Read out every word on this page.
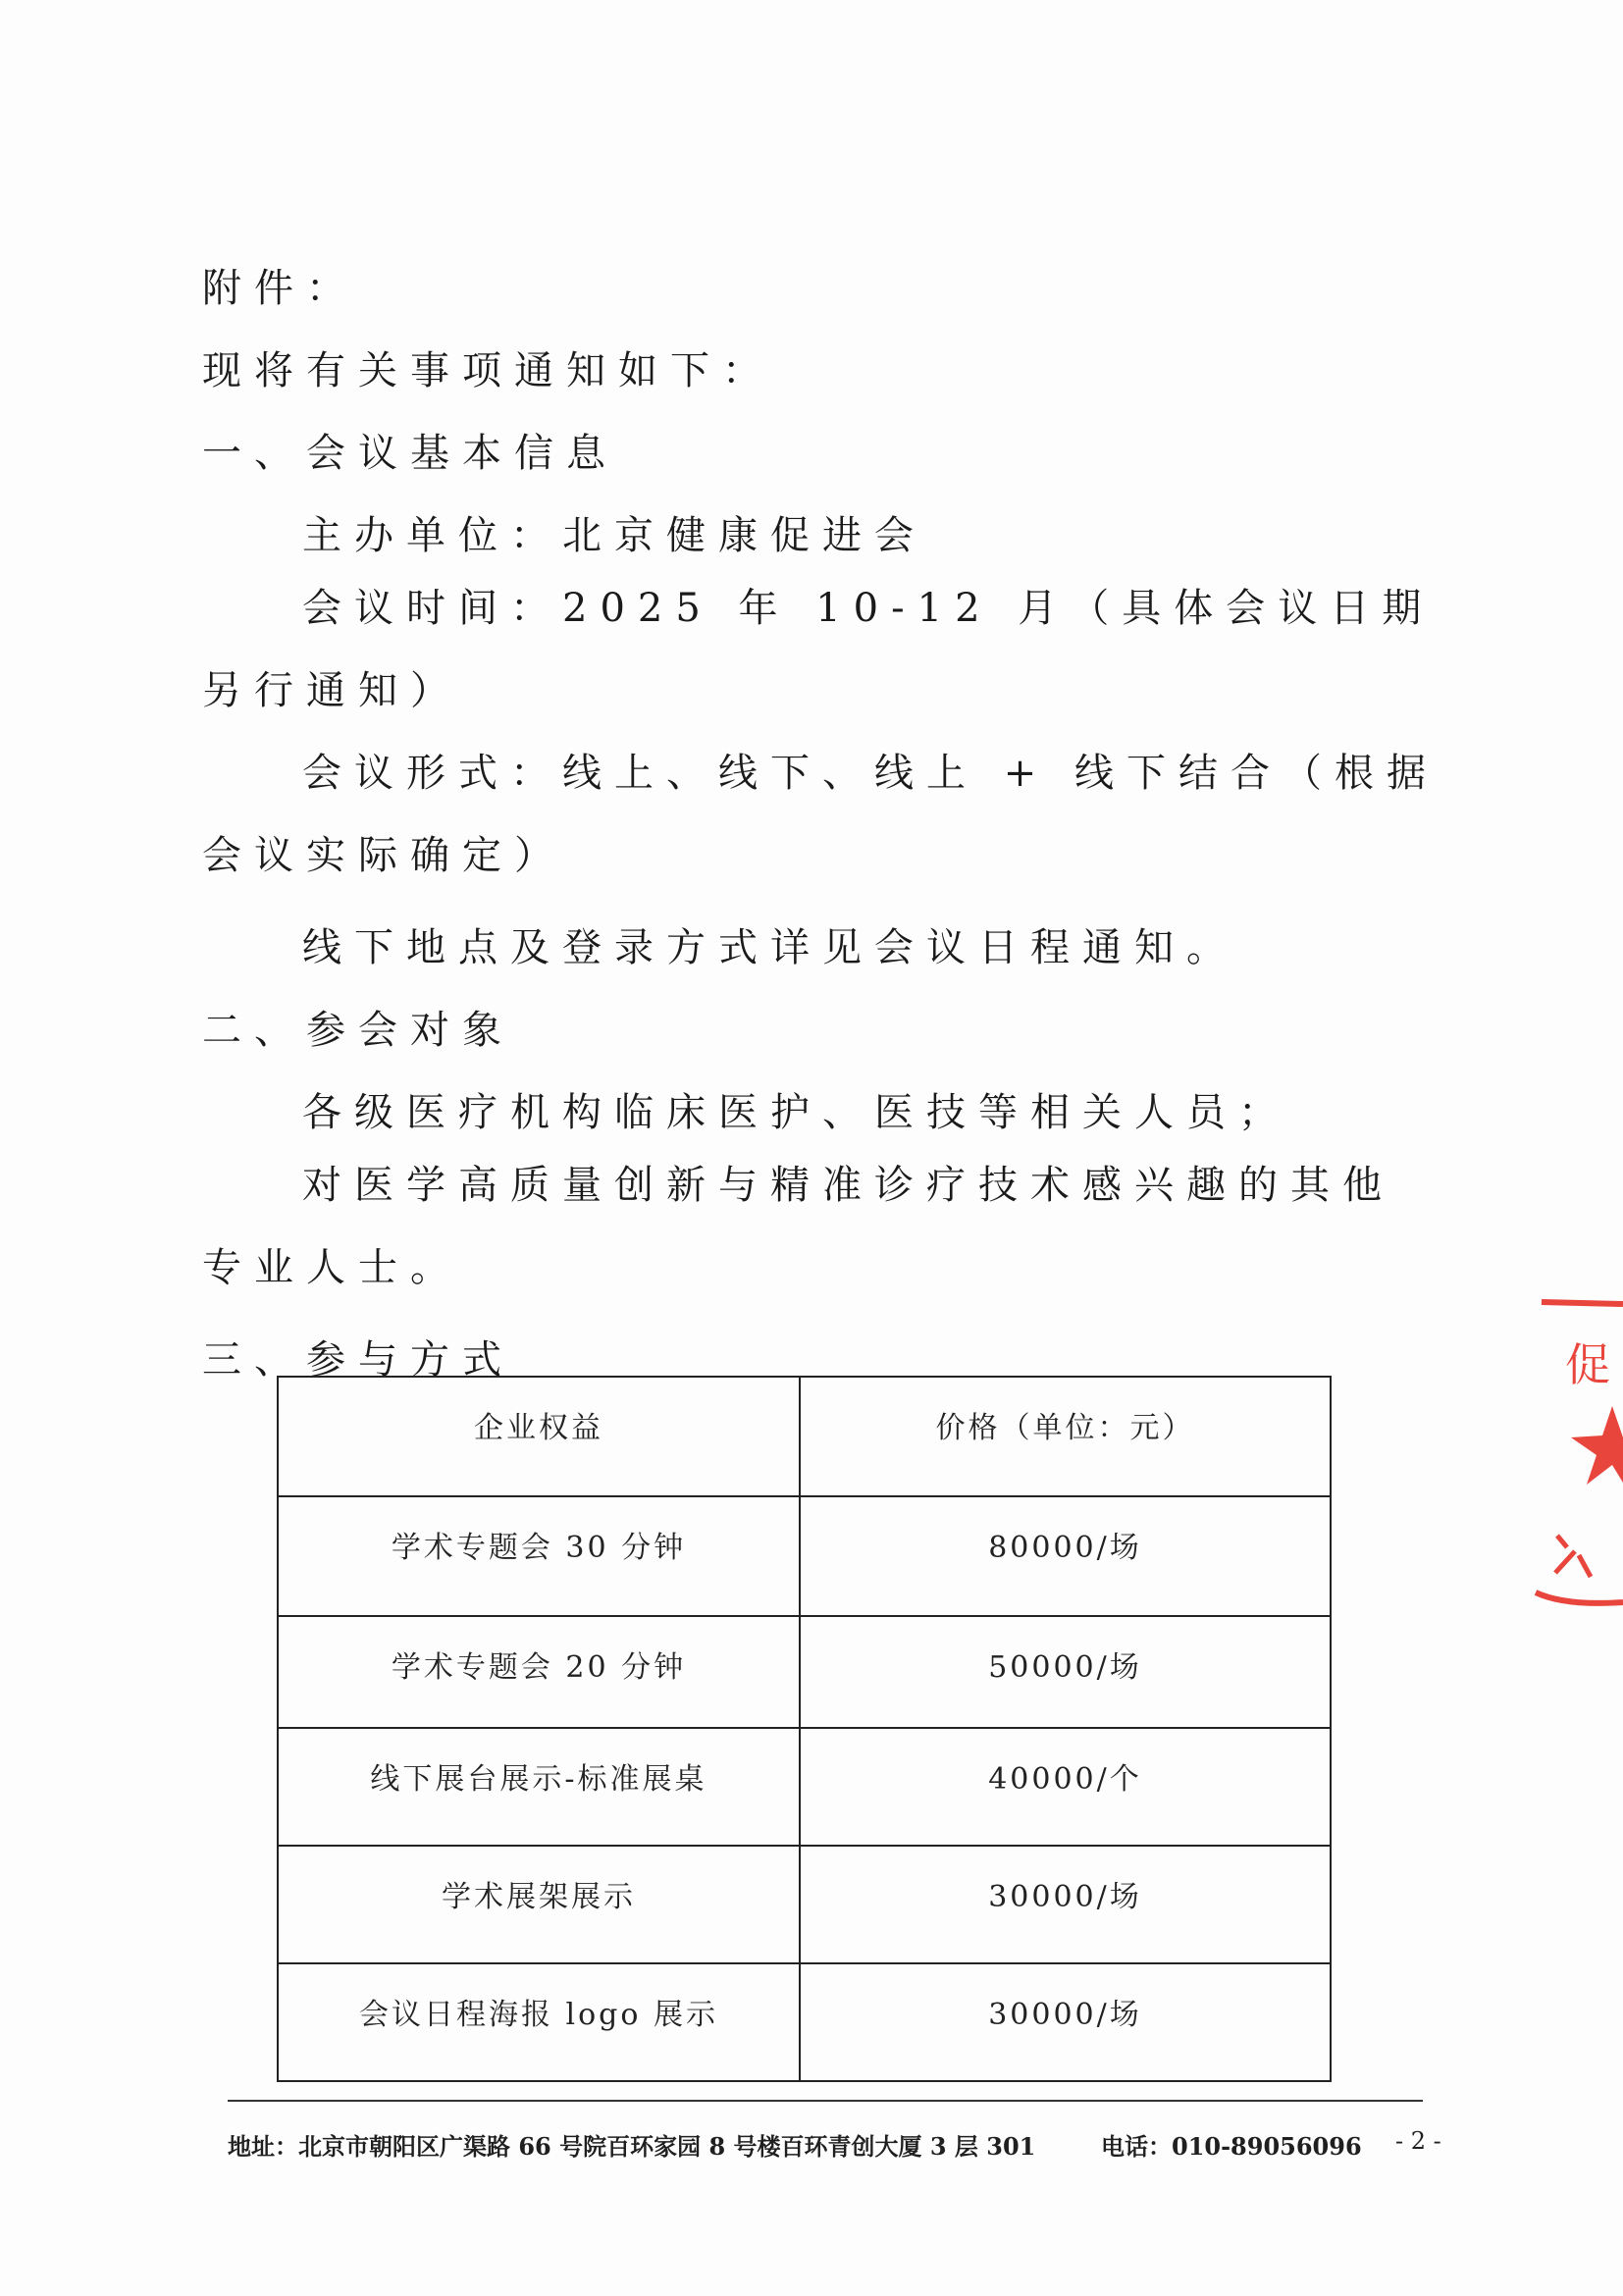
附件：
现将有关事项通知如下：
一、会议基本信息
主办单位：北京健康促进会
会议时间：2025 年 10-12 月（具体会议日期另行通知）
会议形式：线上、线下、线上 + 线下结合（根据会议实际确定）
线下地点及登录方式详见会议日程通知。
二、参会对象
各级医疗机构临床医护、医技等相关人员；
对医学高质量创新与精准诊疗技术感兴趣的其他专业人士。
三、参与方式
企业权益	价格（单位：元）
学术专题会 30 分钟	80000/场
学术专题会 20 分钟	50000/场
线下展台展示-标准展桌	40000/个
学术展架展示	30000/场
会议日程海报 logo 展示	30000/场
促
地址：北京市朝阳区广渠路 66 号院百环家园 8 号楼百环青创大厦 3 层 301	电话：010-89056096 - 2 -
